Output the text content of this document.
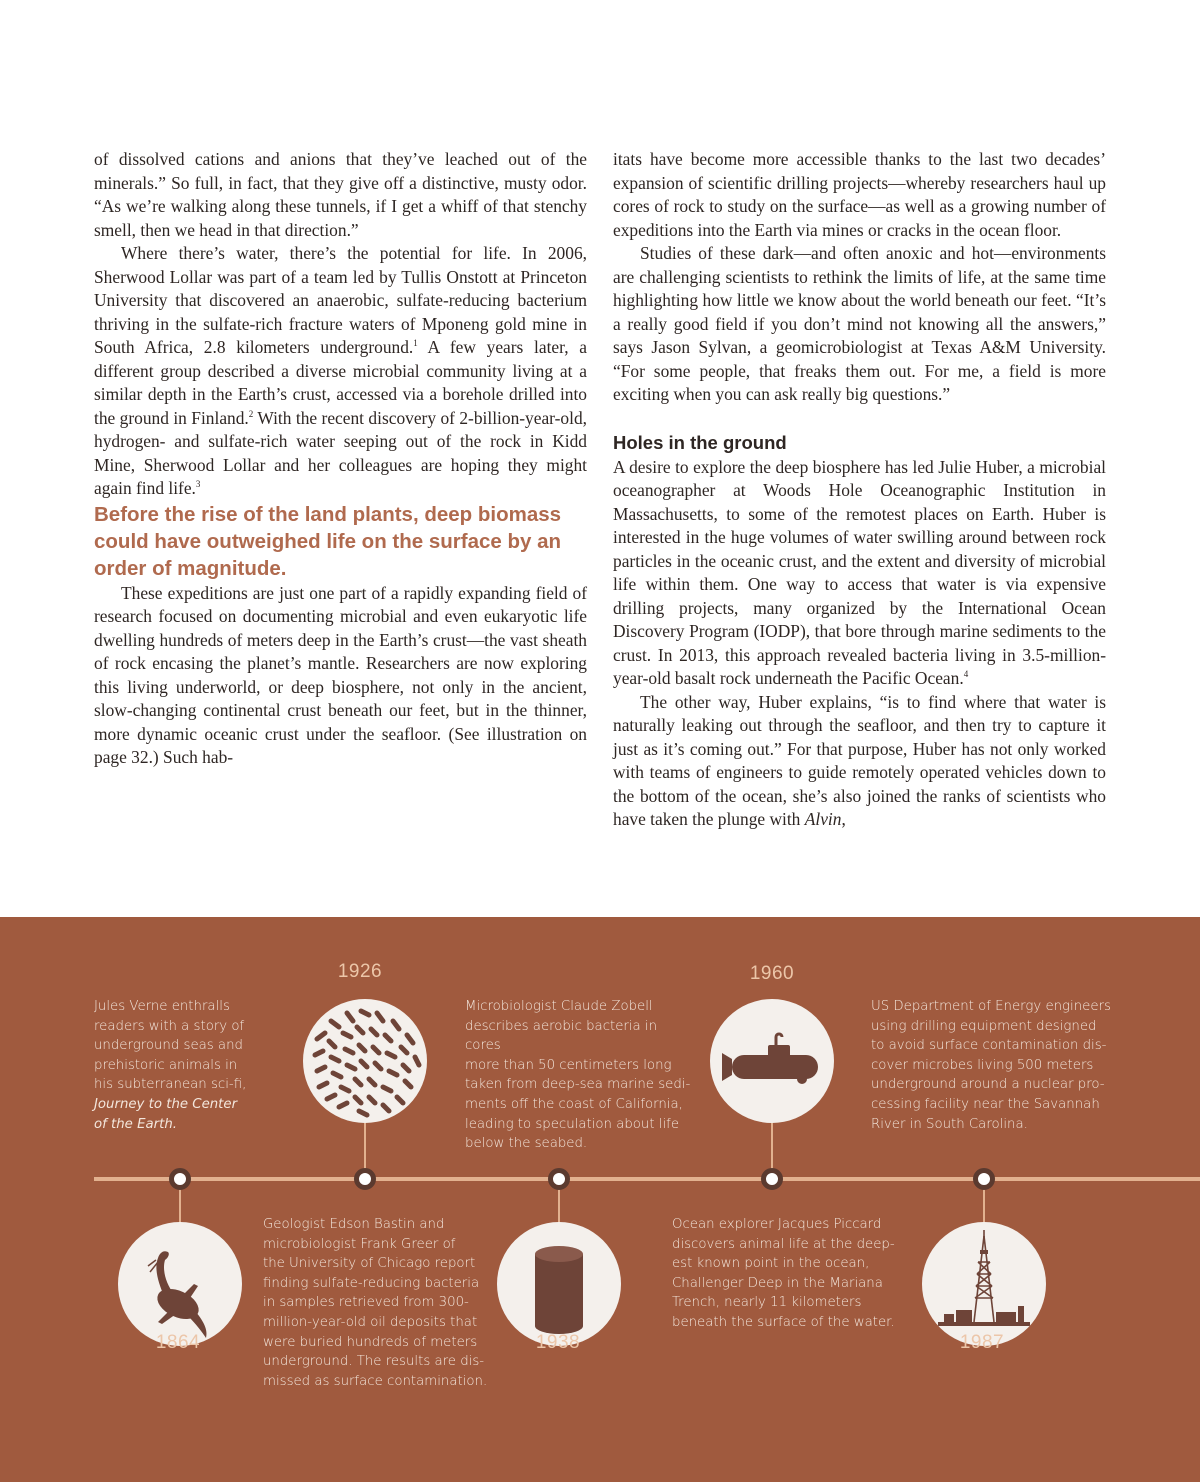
of dissolved cations and anions that they’ve leached out of the minerals.” So full, in fact, that they give off a distinctive, musty odor. “As we’re walking along these tunnels, if I get a whiff of that stenchy smell, then we head in that direction.”

Where there’s water, there’s the potential for life. In 2006, Sherwood Lollar was part of a team led by Tullis Onstott at Princeton University that discovered an anaerobic, sulfate-reducing bacterium thriving in the sulfate-rich fracture waters of Mponeng gold mine in South Africa, 2.8 kilometers underground.$^1$ A few years later, a different group described a diverse microbial community living at a similar depth in the Earth’s crust, accessed via a borehole drilled into the ground in Finland.$^2$ With the recent discovery of 2-billion-year-old, hydrogen- and sulfate-rich water seeping out of the rock in Kidd Mine, Sherwood Lollar and her colleagues are hoping they might again find life.$^3$

Before the rise of the land plants, deep biomass could have outweighed life on the surface by an order of magnitude.

These expeditions are just one part of a rapidly expanding field of research focused on documenting microbial and even eukaryotic life dwelling hundreds of meters deep in the Earth’s crust—the vast sheath of rock encasing the planet’s mantle. Researchers are now exploring this living underworld, or deep biosphere, not only in the ancient, slow-changing continental crust beneath our feet, but in the thinner, more dynamic oceanic crust under the seafloor. (See illustration on page 32.) Such hab-

itats have become more accessible thanks to the last two decades’ expansion of scientific drilling projects—whereby researchers haul up cores of rock to study on the surface—as well as a growing number of expeditions into the Earth via mines or cracks in the ocean floor.

Studies of these dark—and often anoxic and hot—environments are challenging scientists to rethink the limits of life, at the same time highlighting how little we know about the world beneath our feet. “It’s a really good field if you don’t mind not knowing all the answers,” says Jason Sylvan, a geomicrobiologist at Texas A&M University. “For some people, that freaks them out. For me, a field is more exciting when you can ask really big questions.”

Holes in the ground

A desire to explore the deep biosphere has led Julie Huber, a microbial oceanographer at Woods Hole Oceanographic Institution in Massachusetts, to some of the remotest places on Earth. Huber is interested in the huge volumes of water swilling around between rock particles in the oceanic crust, and the extent and diversity of microbial life within them. One way to access that water is via expensive drilling projects, many organized by the International Ocean Discovery Program (IODP), that bore through marine sediments to the crust. In 2013, this approach revealed bacteria living in 3.5-million-year-old basalt rock underneath the Pacific Ocean.$^4$

The other way, Huber explains, “is to find where that water is naturally leaking out through the seafloor, and then try to capture it just as it’s coming out.” For that purpose, Huber has not only worked with teams of engineers to guide remotely operated vehicles down to the bottom of the ocean, she’s also joined the ranks of scientists who have taken the plunge with Alvin,

1864
Jules Verne enthralls
readers with a story of
underground seas and
prehistoric animals in
his subterranean sci-fi,
Journey to the Center
of the Earth.
1926
Geologist Edson Bastin and
microbiologist Frank Greer of
the University of Chicago report
finding sulfate-reducing bacteria
in samples retrieved from 300-
million-year-old oil deposits that
were buried hundreds of meters
underground. The results are dis-
missed as surface contamination.
Microbiologist Claude Zobell
describes aerobic bacteria in cores
more than 50 centimeters long
taken from deep-sea marine sedi-
ments off the coast of California,
leading to speculation about life
below the seabed.
1938
1960
Ocean explorer Jacques Piccard
discovers animal life at the deep-
est known point in the ocean,
Challenger Deep in the Mariana
Trench, nearly 11 kilometers
beneath the surface of the water.
US Department of Energy engineers
using drilling equipment designed
to avoid surface contamination dis-
cover microbes living 500 meters
underground around a nuclear pro-
cessing facility near the Savannah
River in South Carolina.
1987
